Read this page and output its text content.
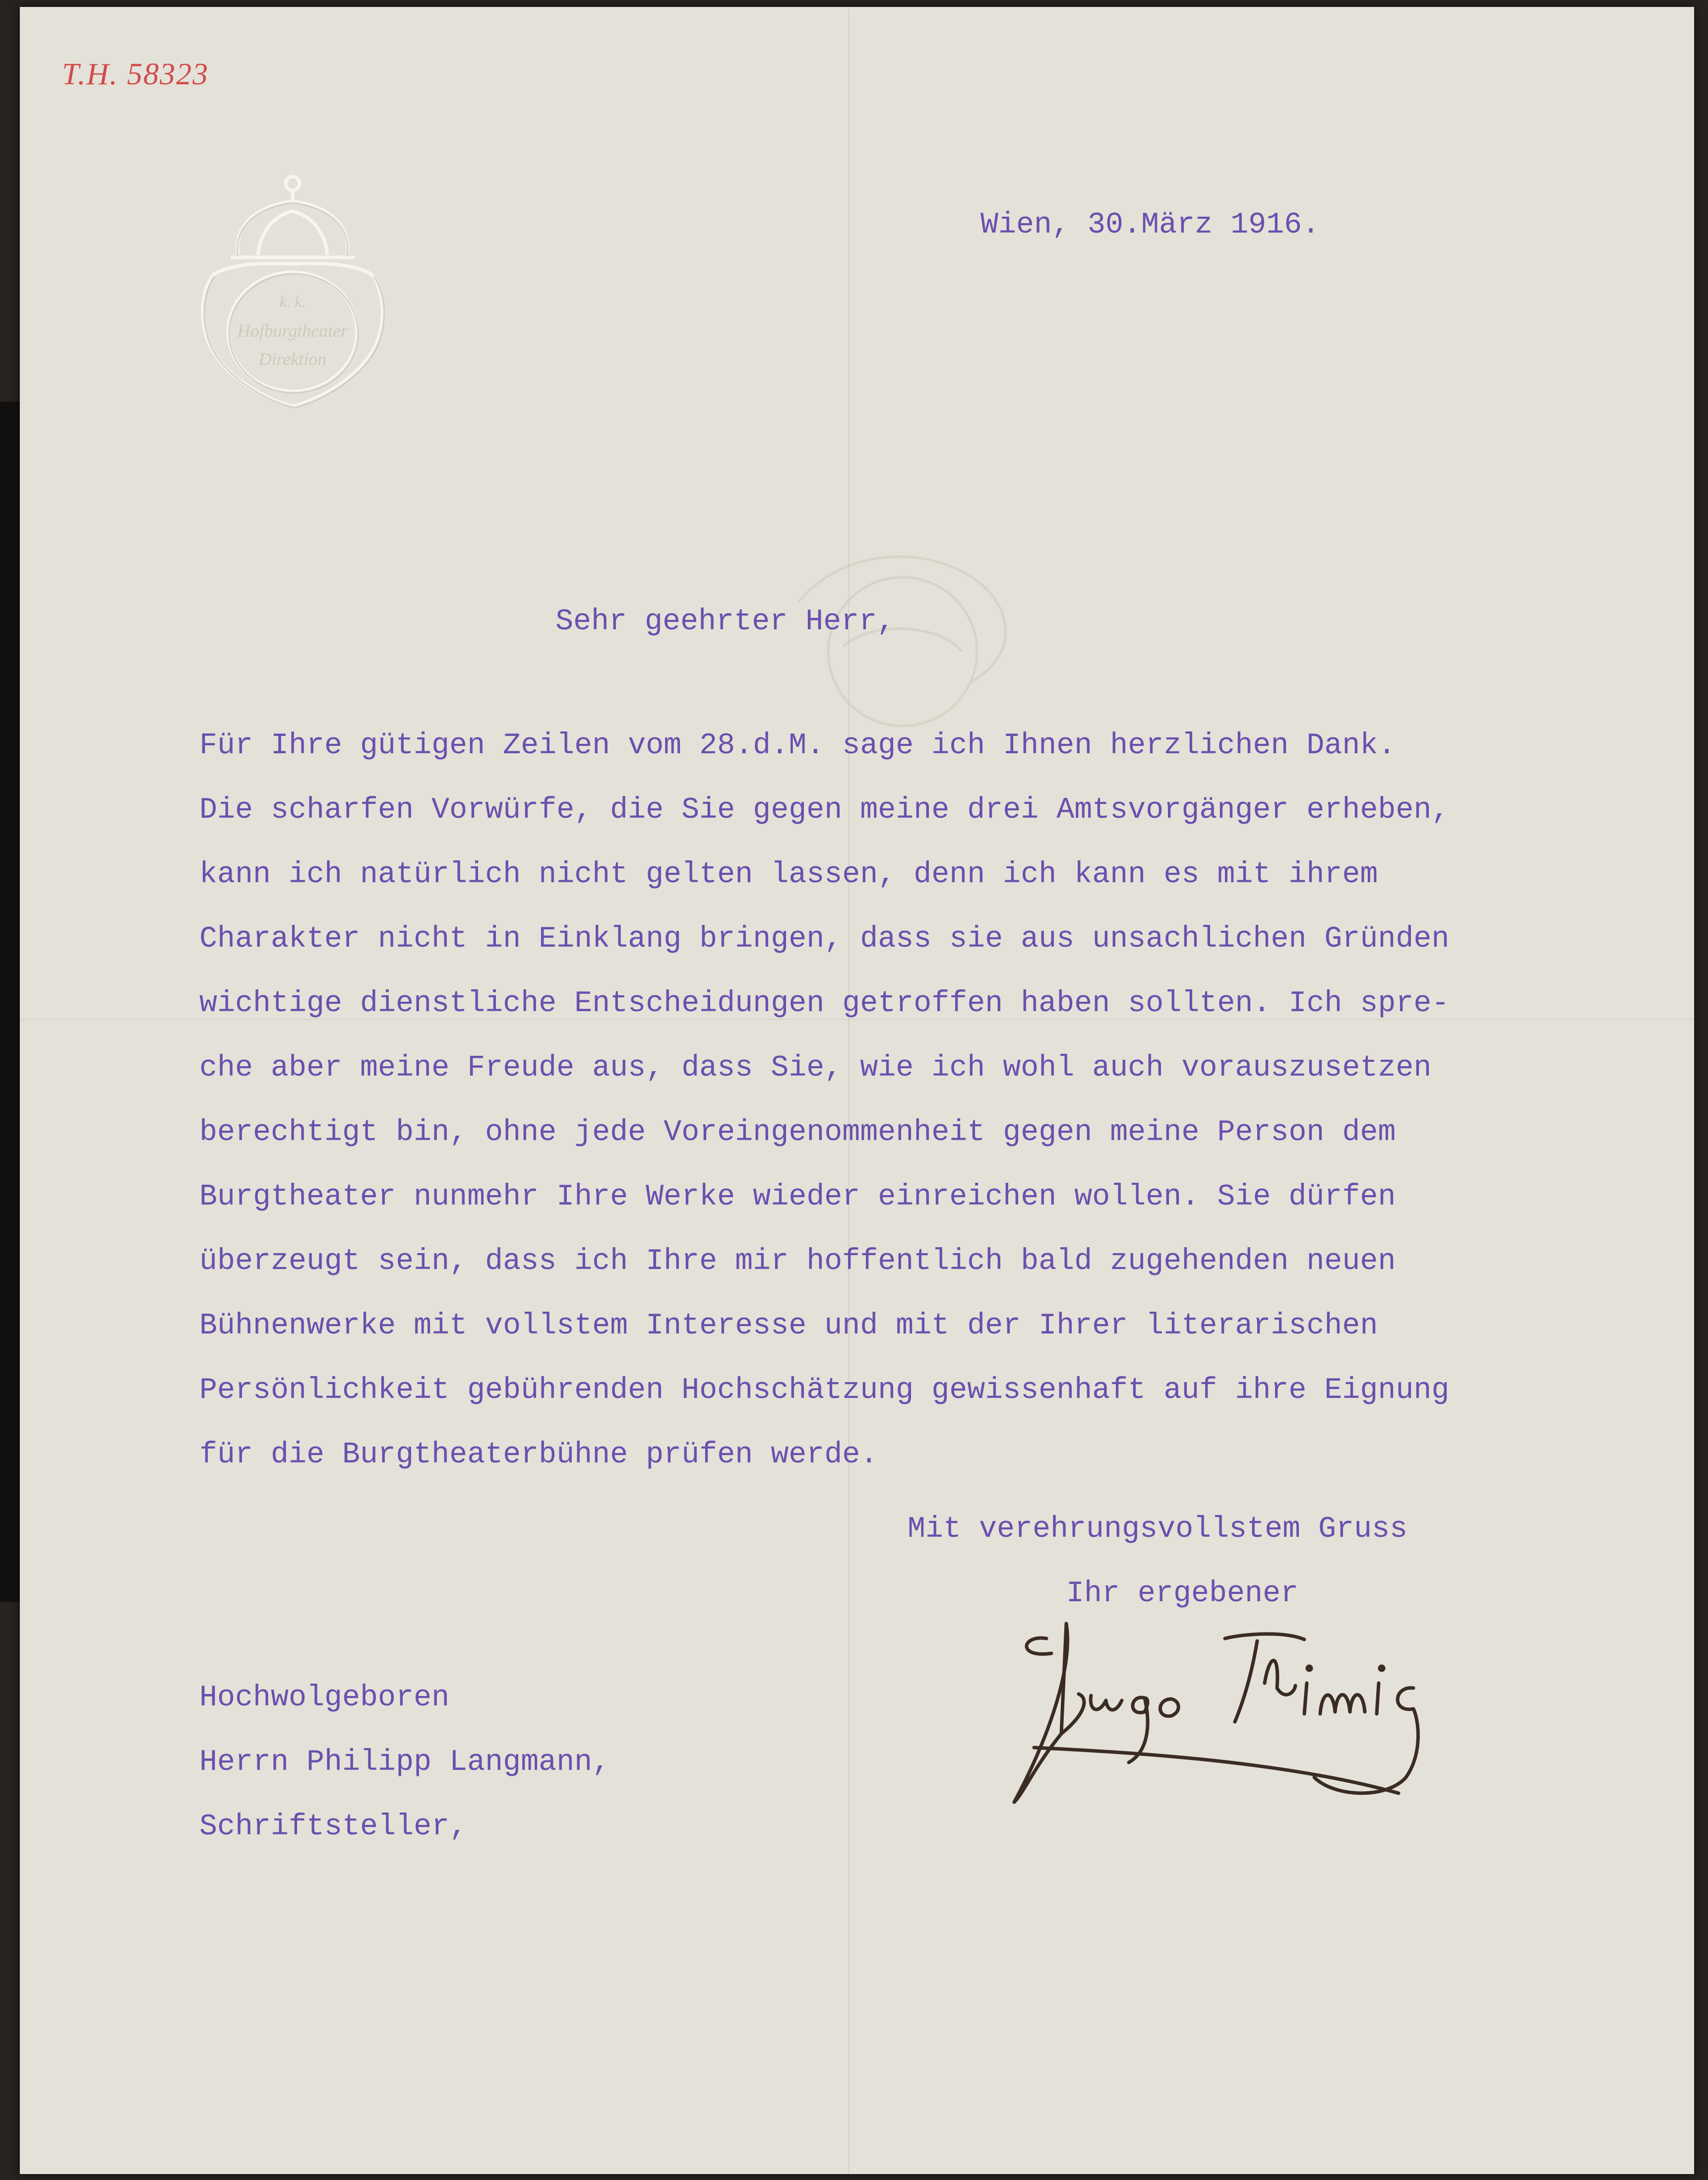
T.H. 58323
k. k.
Hofburgtheater
Direktion
Wien, 30.März 1916.
Sehr geehrter Herr,
Für Ihre gütigen Zeilen vom 28.d.M. sage ich Ihnen herzlichen Dank.
Die scharfen Vorwürfe, die Sie gegen meine drei Amtsvorgänger erheben,
kann ich natürlich nicht gelten lassen, denn ich kann es mit ihrem
Charakter nicht in Einklang bringen, dass sie aus unsachlichen Gründen
wichtige dienstliche Entscheidungen getroffen haben sollten. Ich spre-
che aber meine Freude aus, dass Sie, wie ich wohl auch vorauszusetzen
berechtigt bin, ohne jede Voreingenommenheit gegen meine Person dem
Burgtheater nunmehr Ihre Werke wieder einreichen wollen. Sie dürfen
überzeugt sein, dass ich Ihre mir hoffentlich bald zugehenden neuen
Bühnenwerke mit vollstem Interesse und mit der Ihrer literarischen
Persönlichkeit gebührenden Hochschätzung gewissenhaft auf ihre Eignung
für die Burgtheaterbühne prüfen werde.
Mit verehrungsvollstem Gruss
Ihr ergebener
Hochwolgeboren
Herrn Philipp Langmann,
Schriftsteller,
